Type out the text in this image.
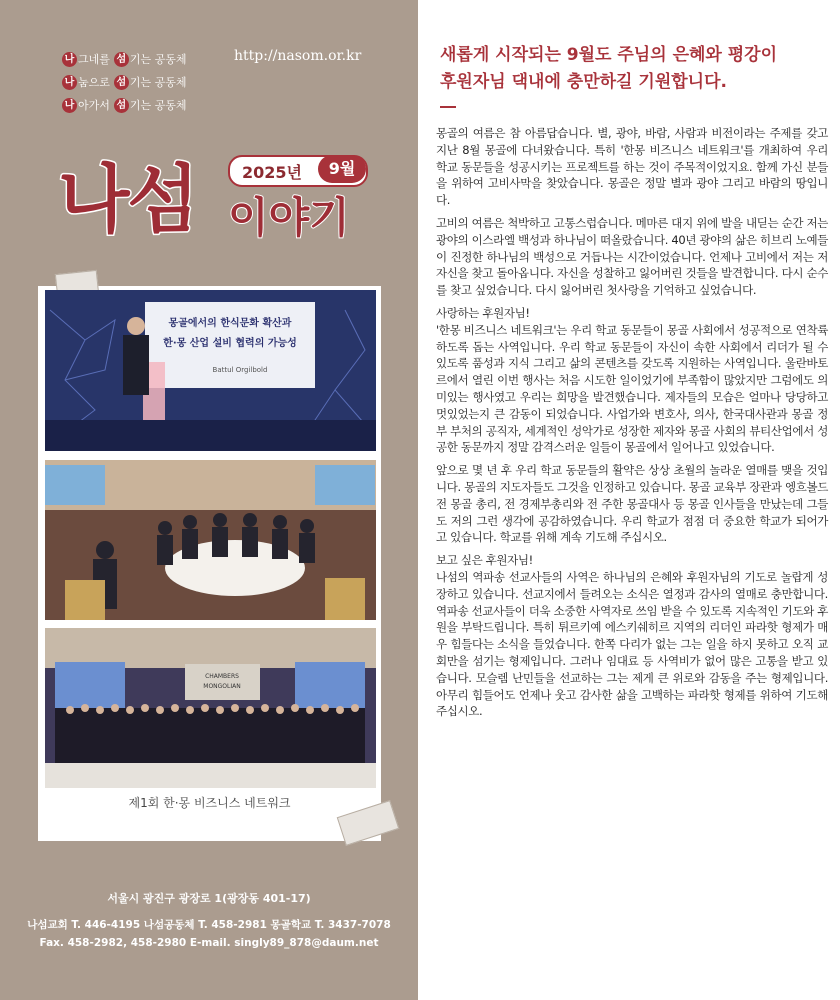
나 그네를 섬 기는 공동체
나 눔으로 섬 기는 공동체
나 아가서 섬 기는 공동체
http://nasom.or.kr
나섬	2025년	9월
이야기
몽골에서의 한식문화 확산과
한·몽 산업 설비 협력의 가능성
Battul Orgilbold
CHAMBERS
MONGOLIAN
제1회 한·몽 비즈니스 네트워크
서울시 광진구 광장로 1(광장동 401-17)
나섬교회 T. 446-4195 나섬공동체 T. 458-2981 몽골학교 T. 3437-7078
Fax. 458-2982, 458-2980 E-mail. singly89_878@daum.net
새롭게 시작되는 9월도 주님의 은혜와 평강이
후원자님 댁내에 충만하길 기원합니다.

몽골의 여름은 참 아름답습니다. 별, 광야, 바람, 사람과 비전이라는 주제를 갖고 지난 8월 몽골에 다녀왔습니다. 특히 '한몽 비즈니스 네트워크'를 개최하여 우리 학교 동문들을 성공시키는 프로젝트를 하는 것이 주목적이었지요. 함께 가신 분들을 위하여 고비사막을 찾았습니다. 몽골은 정말 별과 광야 그리고 바람의 땅입니다.

고비의 여름은 척박하고 고통스럽습니다. 메마른 대지 위에 발을 내딛는 순간 저는 광야의 이스라엘 백성과 하나님이 떠올랐습니다. 40년 광야의 삶은 히브리 노예들이 진정한 하나님의 백성으로 거듭나는 시간이었습니다. 언제나 고비에서 저는 저 자신을 찾고 돌아옵니다. 자신을 성찰하고 잃어버린 것들을 발견합니다. 다시 순수를 찾고 싶었습니다. 다시 잃어버린 첫사랑을 기억하고 싶었습니다.

사랑하는 후원자님!
'한몽 비즈니스 네트워크'는 우리 학교 동문들이 몽골 사회에서 성공적으로 연착륙하도록 돕는 사역입니다. 우리 학교 동문들이 자신이 속한 사회에서 리더가 될 수 있도록 품성과 지식 그리고 삶의 콘텐츠를 갖도록 지원하는 사역입니다. 울란바토르에서 열린 이번 행사는 처음 시도한 일이었기에 부족함이 많았지만 그럼에도 의미있는 행사였고 우리는 희망을 발견했습니다. 제자들의 모습은 얼마나 당당하고 멋있었는지 큰 감동이 되었습니다. 사업가와 변호사, 의사, 한국대사관과 몽골 정부 부처의 공직자, 세계적인 성악가로 성장한 제자와 몽골 사회의 뷰티산업에서 성공한 동문까지 정말 감격스러운 일들이 몽골에서 일어나고 있었습니다.

앞으로 몇 년 후 우리 학교 동문들의 활약은 상상 초월의 놀라운 열매를 맺을 것입니다. 몽골의 지도자들도 그것을 인정하고 있습니다. 몽골 교육부 장관과 엥흐볼드 전 몽골 총리, 전 경제부총리와 전 주한 몽골대사 등 몽골 인사들을 만났는데 그들도 저의 그런 생각에 공감하였습니다. 우리 학교가 점점 더 중요한 학교가 되어가고 있습니다. 학교를 위해 계속 기도해 주십시오.

보고 싶은 후원자님!
나섬의 역파송 선교사들의 사역은 하나님의 은혜와 후원자님의 기도로 놀랍게 성장하고 있습니다. 선교지에서 들려오는 소식은 열정과 감사의 열매로 충만합니다. 역파송 선교사들이 더욱 소중한 사역자로 쓰임 받을 수 있도록 지속적인 기도와 후원을 부탁드립니다. 특히 튀르키예 에스키쉐히르 지역의 리더인 파라핫 형제가 매우 힘들다는 소식을 들었습니다. 한쪽 다리가 없는 그는 일을 하지 못하고 오직 교회만을 섬기는 형제입니다. 그러나 임대료 등 사역비가 없어 많은 고통을 받고 있습니다. 모슬렘 난민들을 선교하는 그는 제게 큰 위로와 감동을 주는 형제입니다. 아무리 힘들어도 언제나 웃고 감사한 삶을 고백하는 파라핫 형제를 위하여 기도해 주십시오.
